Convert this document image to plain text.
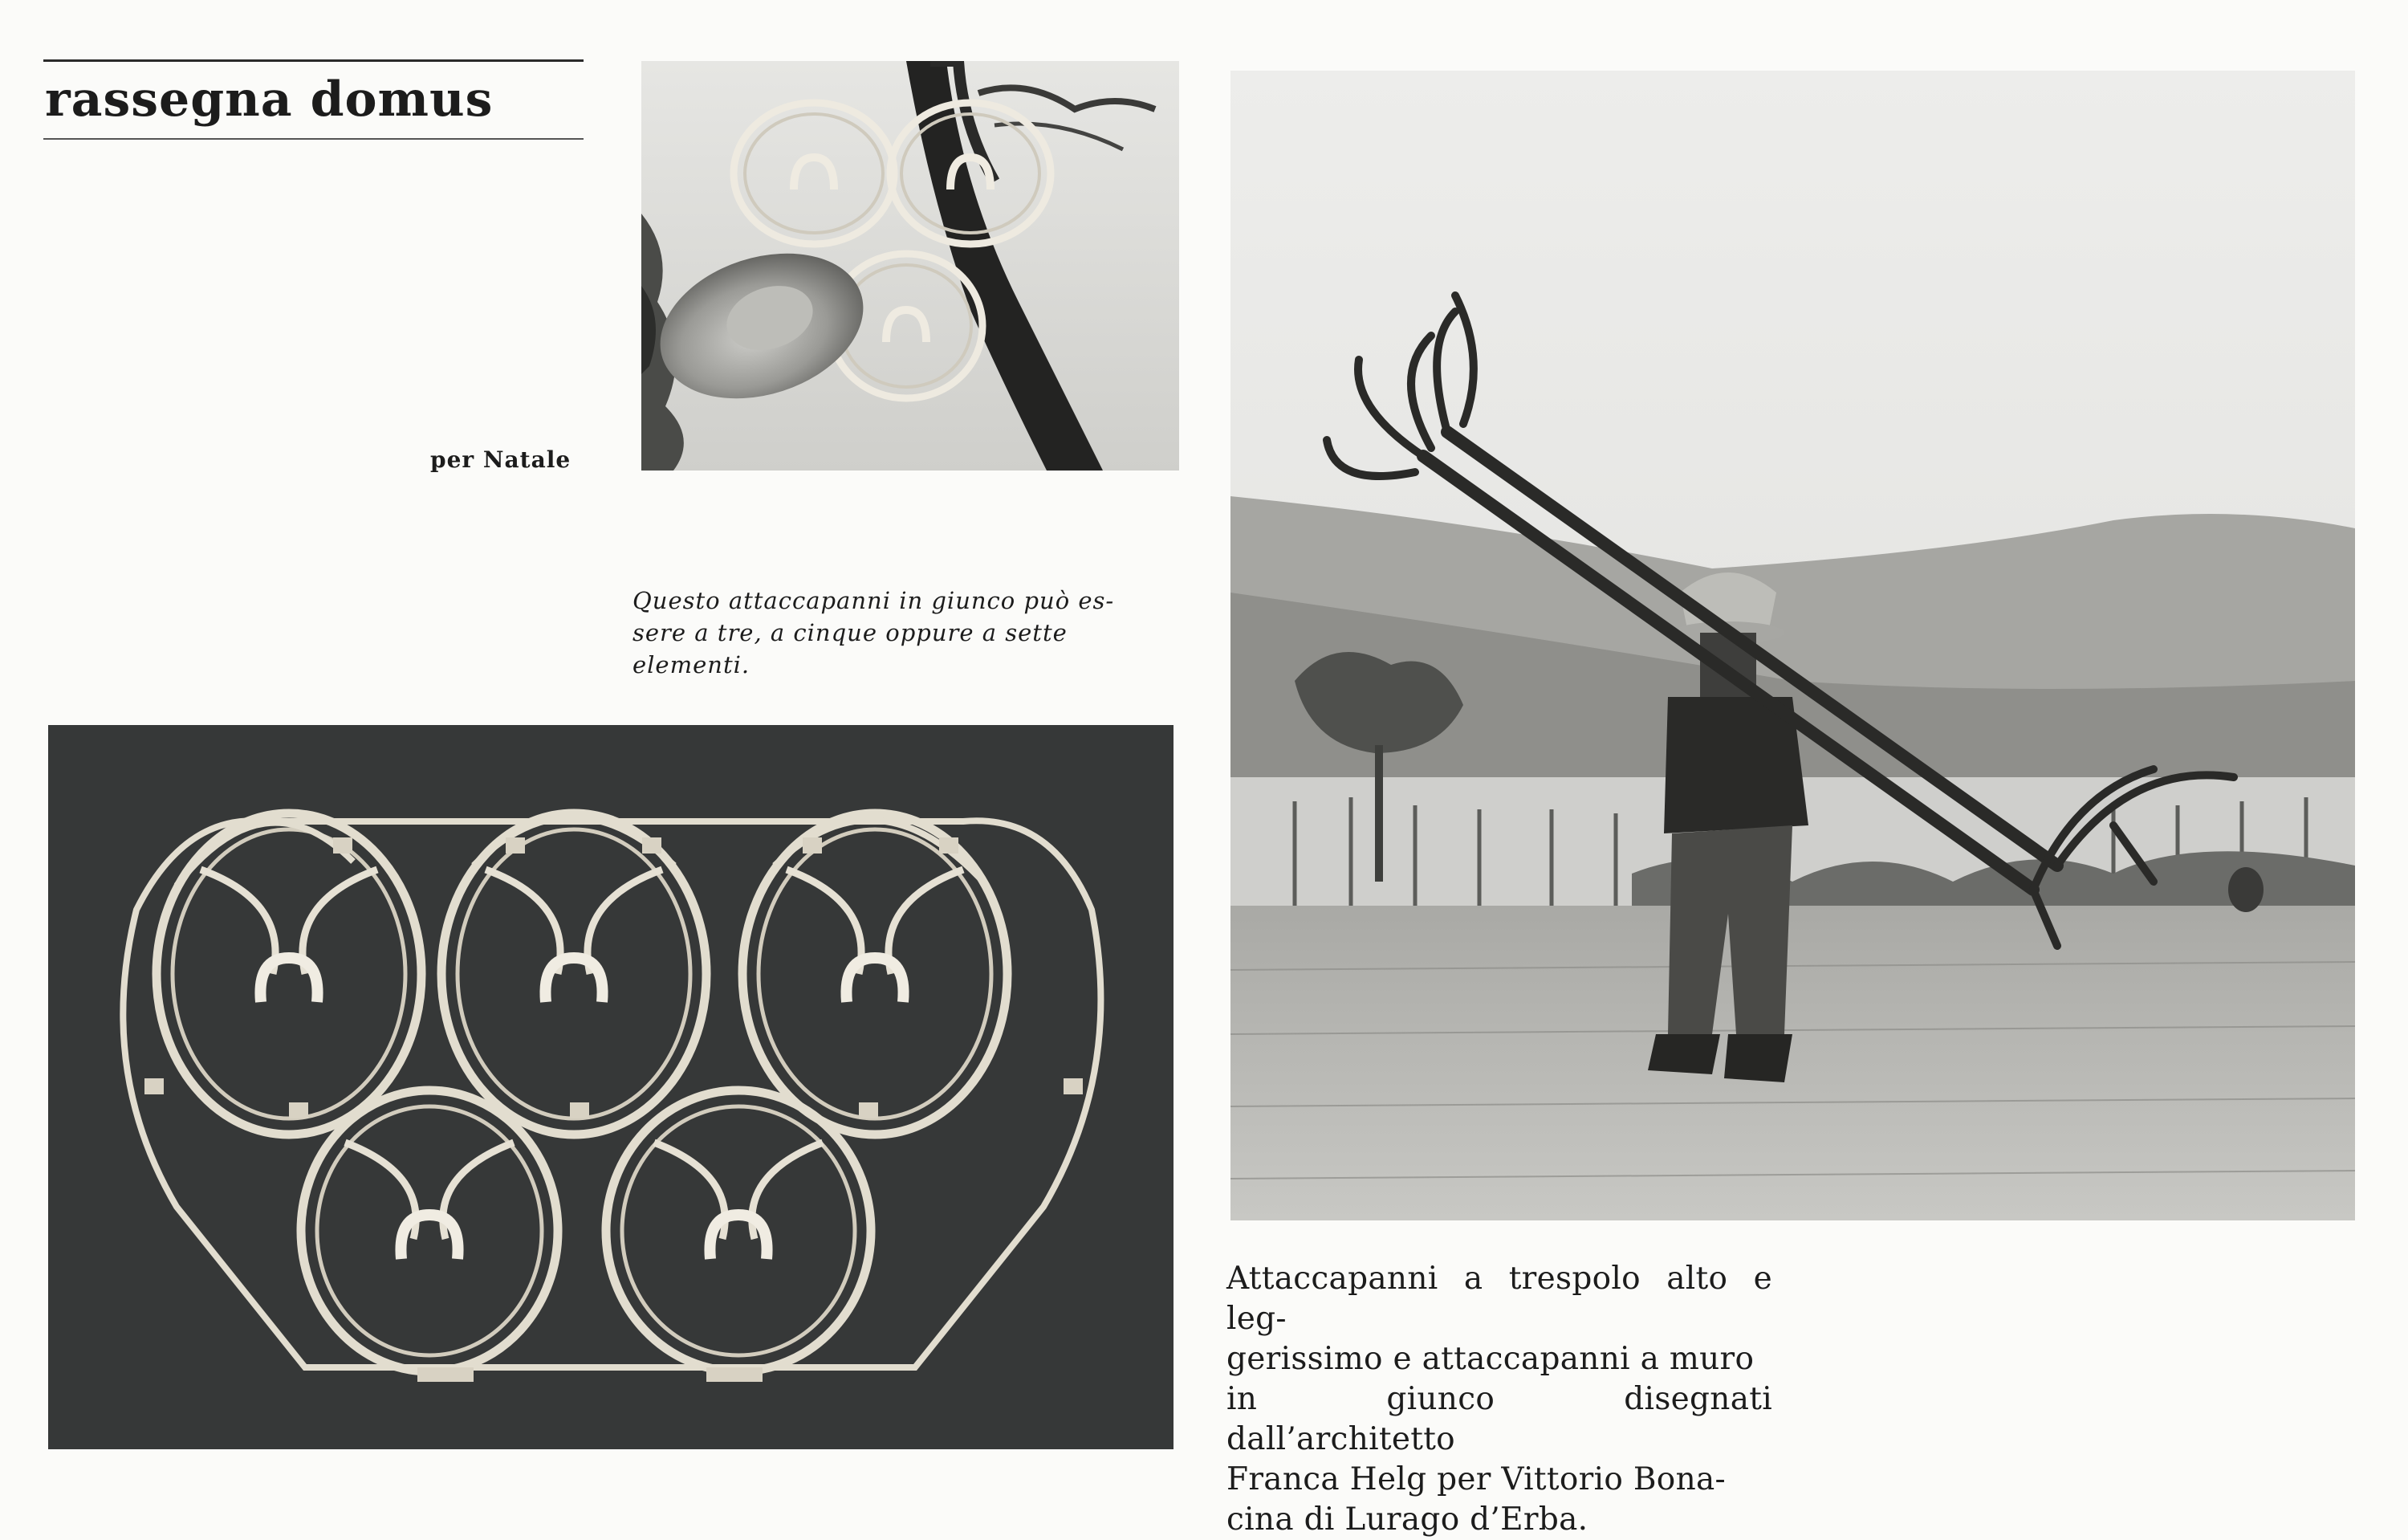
rassegna domus
per Natale
Questo attaccapanni in giunco può es-
sere a tre, a cinque oppure a sette
elementi.
Attaccapanni a trespolo alto e leg-
gerissimo e attaccapanni a muro
in giunco disegnati dall’architetto
Franca Helg per Vittorio Bona-
cina di Lurago d’Erba.
